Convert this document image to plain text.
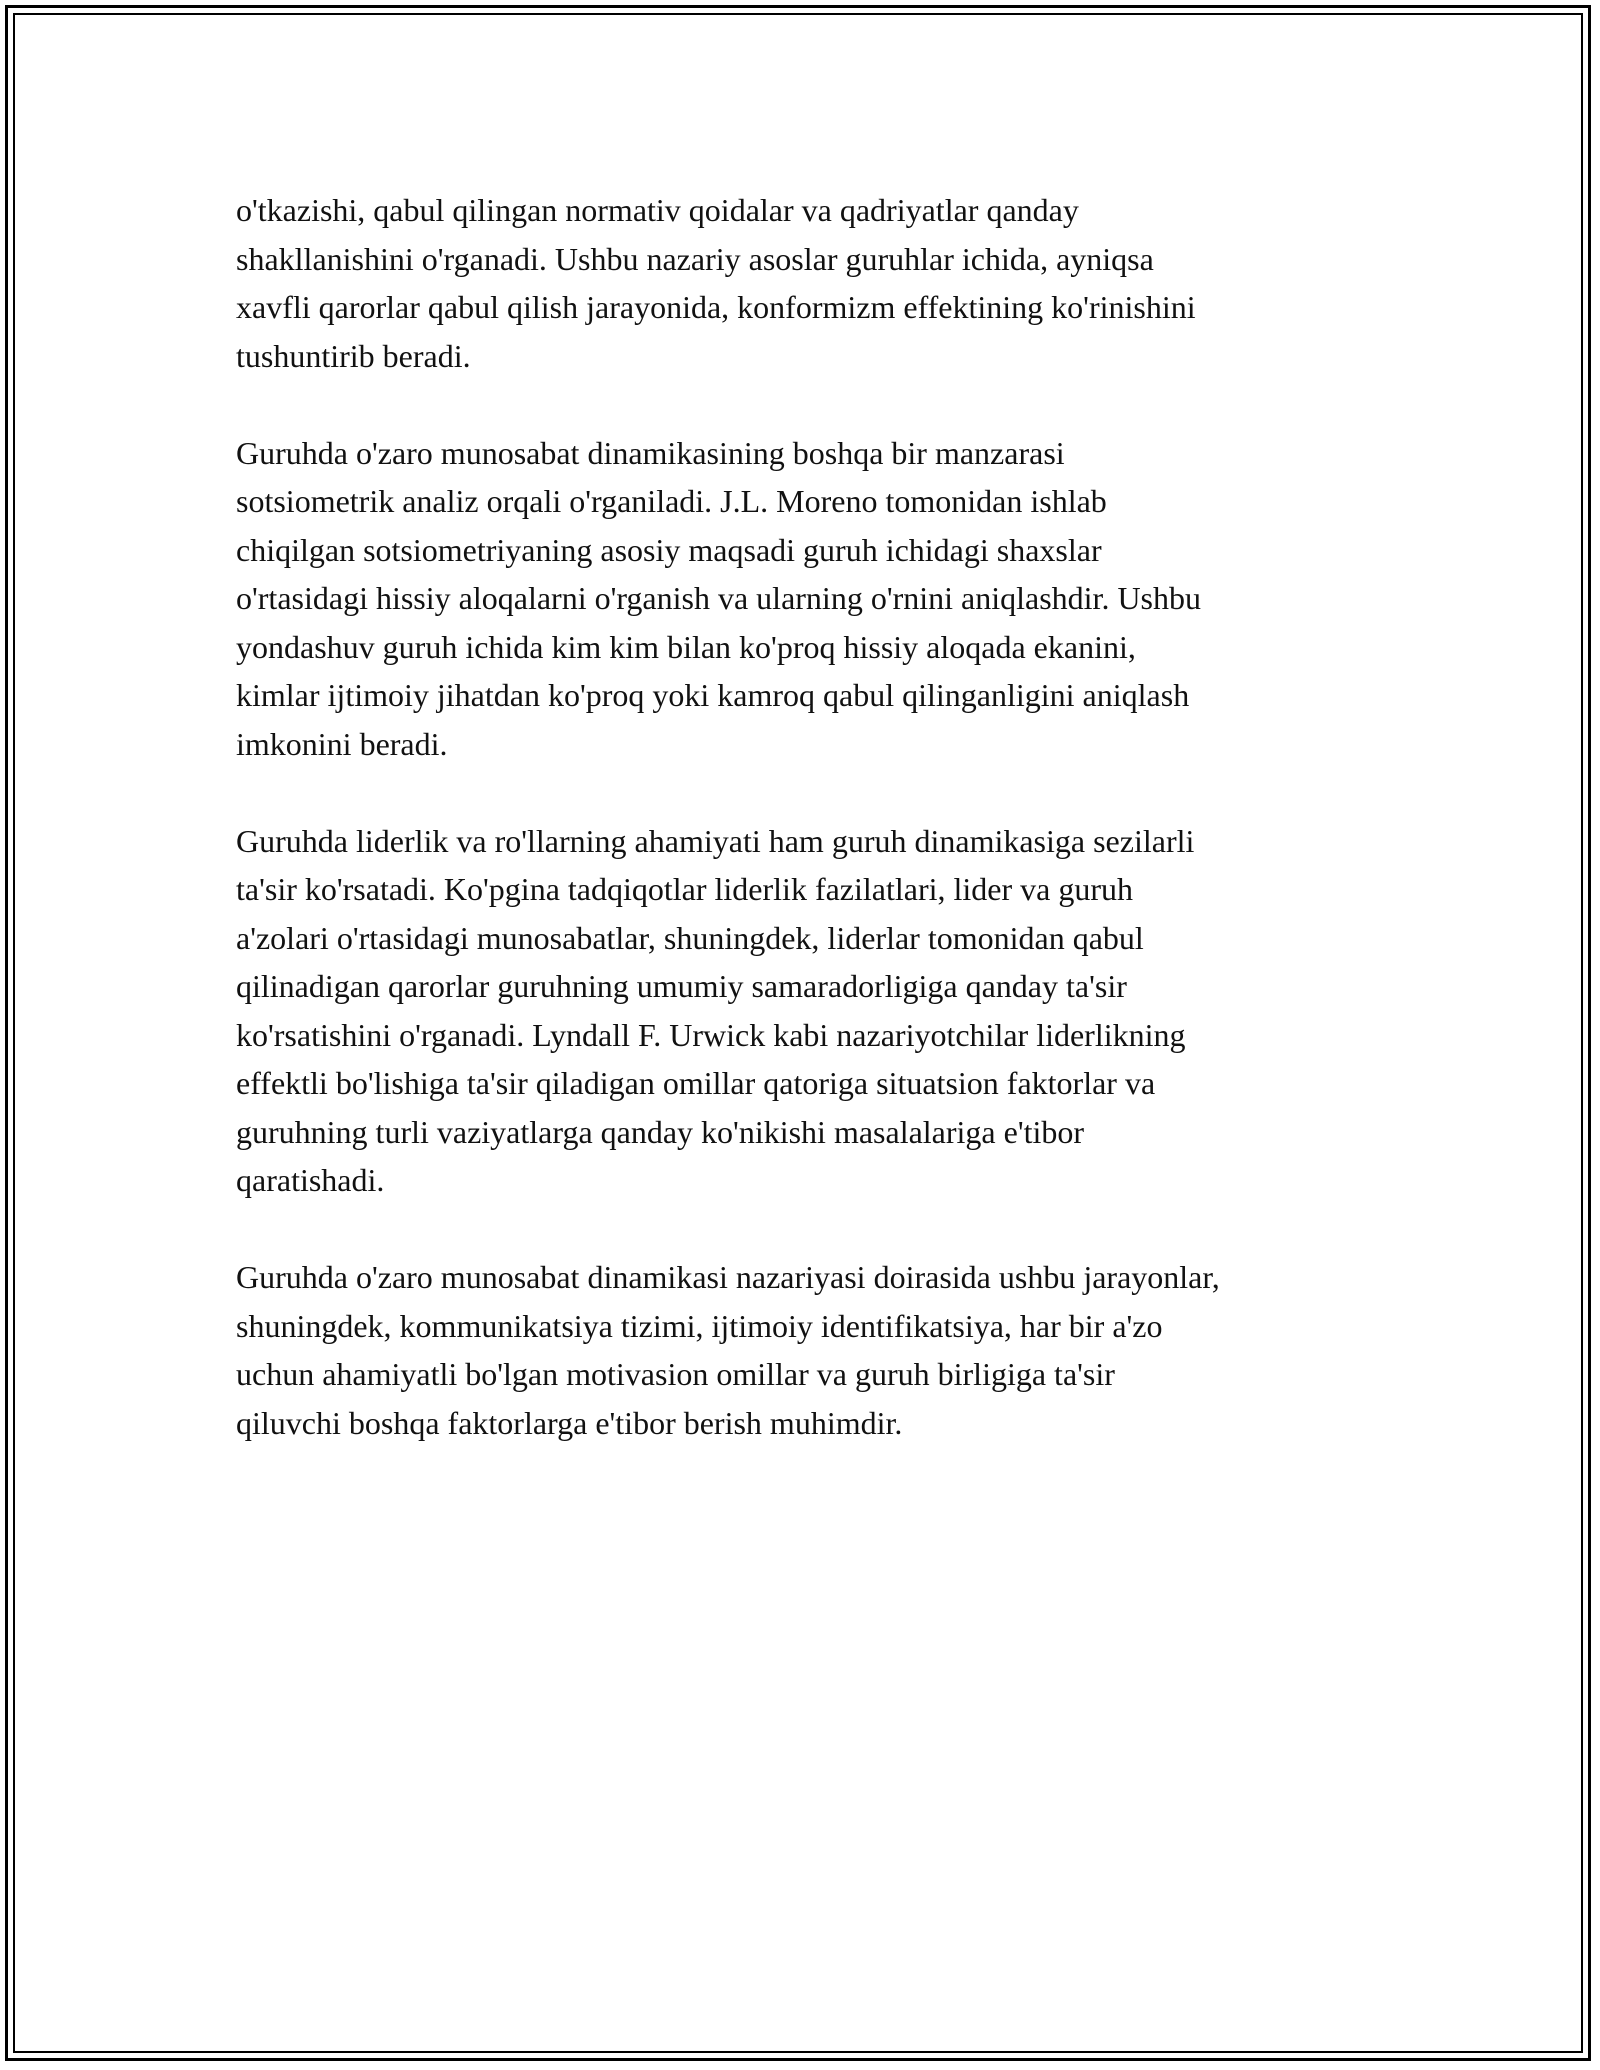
o'tkazishi, qabul qilingan normativ qoidalar va qadriyatlar qanday
shakllanishini o'rganadi. Ushbu nazariy asoslar guruhlar ichida, ayniqsa
xavfli qarorlar qabul qilish jarayonida, konformizm effektining ko'rinishini
tushuntirib beradi.

Guruhda o'zaro munosabat dinamikasining boshqa bir manzarasi
sotsiometrik analiz orqali o'rganiladi. J.L. Moreno tomonidan ishlab
chiqilgan sotsiometriyaning asosiy maqsadi guruh ichidagi shaxslar
o'rtasidagi hissiy aloqalarni o'rganish va ularning o'rnini aniqlashdir. Ushbu
yondashuv guruh ichida kim kim bilan ko'proq hissiy aloqada ekanini,
kimlar ijtimoiy jihatdan ko'proq yoki kamroq qabul qilinganligini aniqlash
imkonini beradi.

Guruhda liderlik va ro'llarning ahamiyati ham guruh dinamikasiga sezilarli
ta'sir ko'rsatadi. Ko'pgina tadqiqotlar liderlik fazilatlari, lider va guruh
a'zolari o'rtasidagi munosabatlar, shuningdek, liderlar tomonidan qabul
qilinadigan qarorlar guruhning umumiy samaradorligiga qanday ta'sir
ko'rsatishini o'rganadi. Lyndall F. Urwick kabi nazariyotchilar liderlikning
effektli bo'lishiga ta'sir qiladigan omillar qatoriga situatsion faktorlar va
guruhning turli vaziyatlarga qanday ko'nikishi masalalariga e'tibor
qaratishadi.

Guruhda o'zaro munosabat dinamikasi nazariyasi doirasida ushbu jarayonlar,
shuningdek, kommunikatsiya tizimi, ijtimoiy identifikatsiya, har bir a'zo
uchun ahamiyatli bo'lgan motivasion omillar va guruh birligiga ta'sir
qiluvchi boshqa faktorlarga e'tibor berish muhimdir.
